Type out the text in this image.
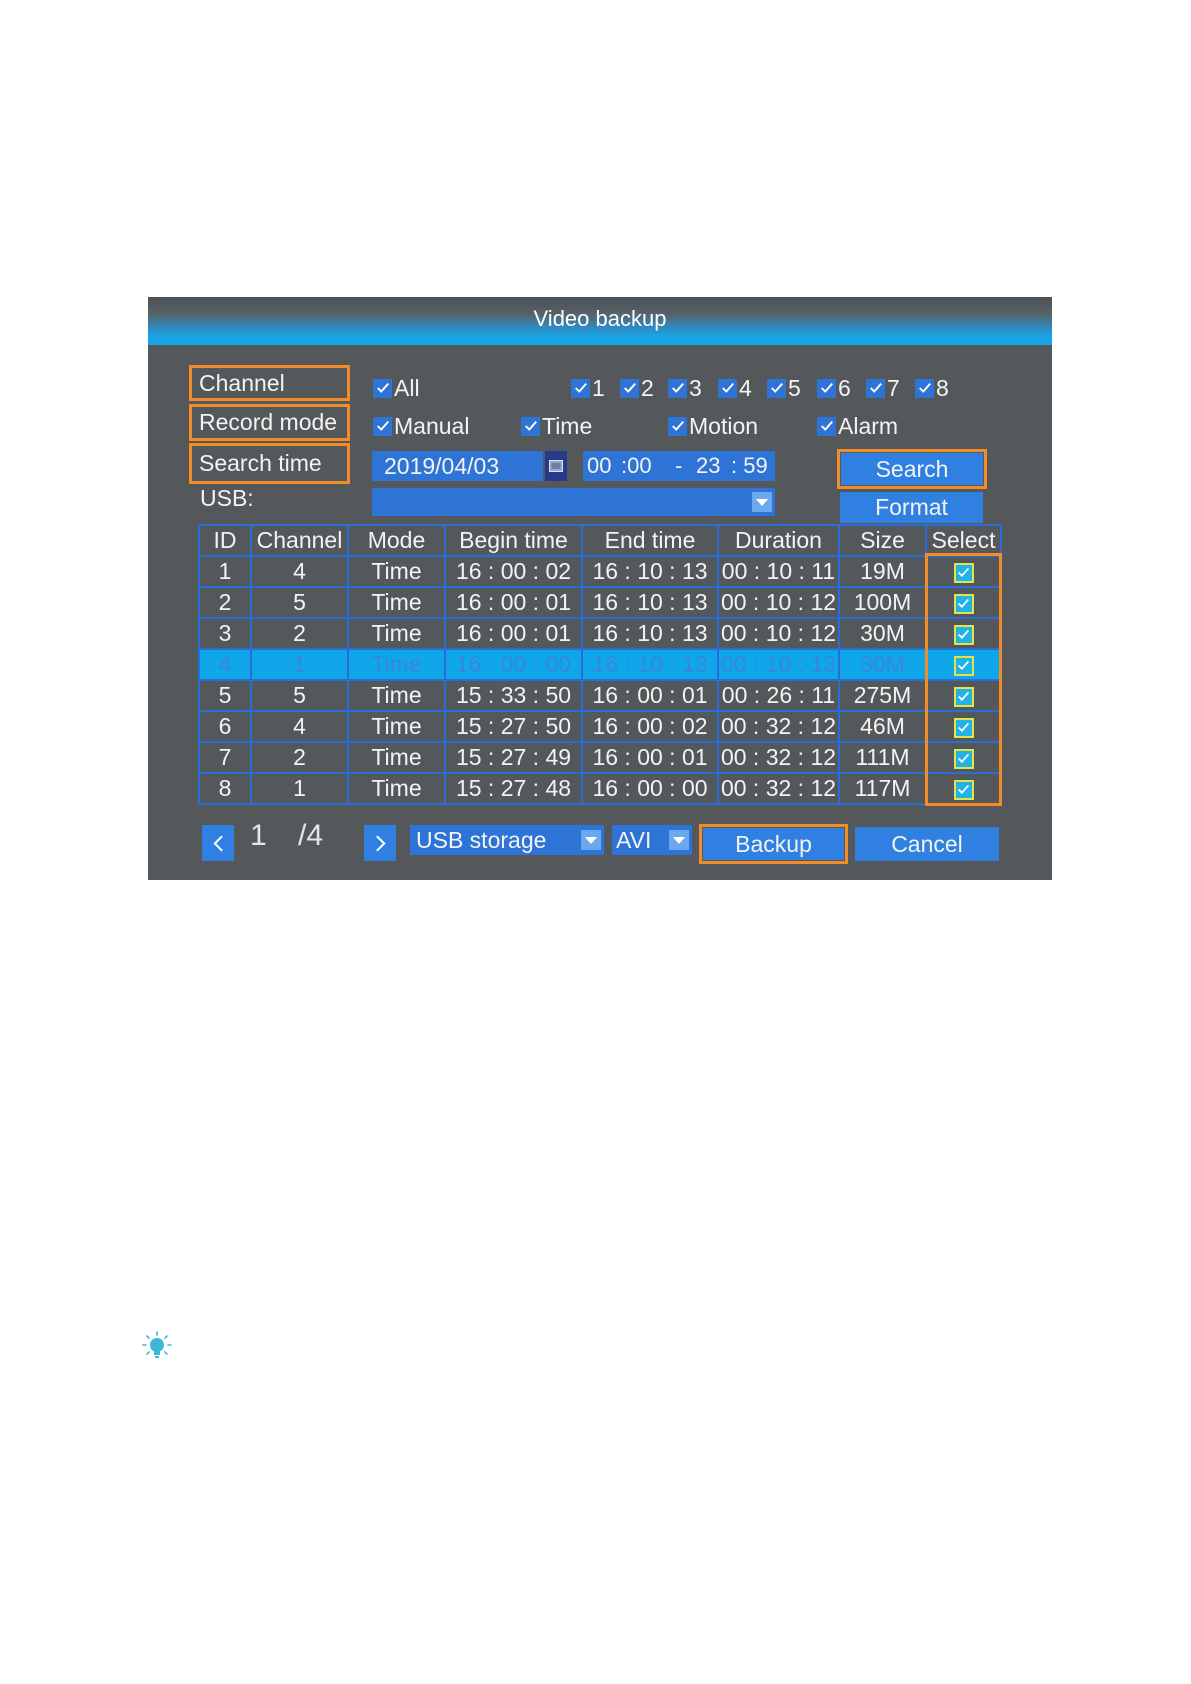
Video backup
Channel
Record mode
Search time
USB:
All	1 2 3 4 5 6 7 8
Manual	Time	Motion	Alarm
2019/04/03	00 :00 - 23 : 59	Search
Format
ID	Channel	Mode	Begin time	End time	Duration	Size	Select
1	4	Time	16 : 00 : 02	16 : 10 : 13	00 : 10 : 11	19M	

2	5	Time	16 : 00 : 01	16 : 10 : 13	00 : 10 : 12	100M	

3	2	Time	16 : 00 : 01	16 : 10 : 13	00 : 10 : 12	30M	

4	1	Time	16 : 00 : 00	16 : 10 : 13	00 : 10 : 13	30M	

5	5	Time	15 : 33 : 50	16 : 00 : 01	00 : 26 : 11	275M	

6	4	Time	15 : 27 : 50	16 : 00 : 02	00 : 32 : 12	46M	

7	2	Time	15 : 27 : 49	16 : 00 : 01	00 : 32 : 12	111M	

8	1	Time	15 : 27 : 48	16 : 00 : 00	00 : 32 : 12	117M	
1 /4	USB storage	AVI	Backup	Cancel
